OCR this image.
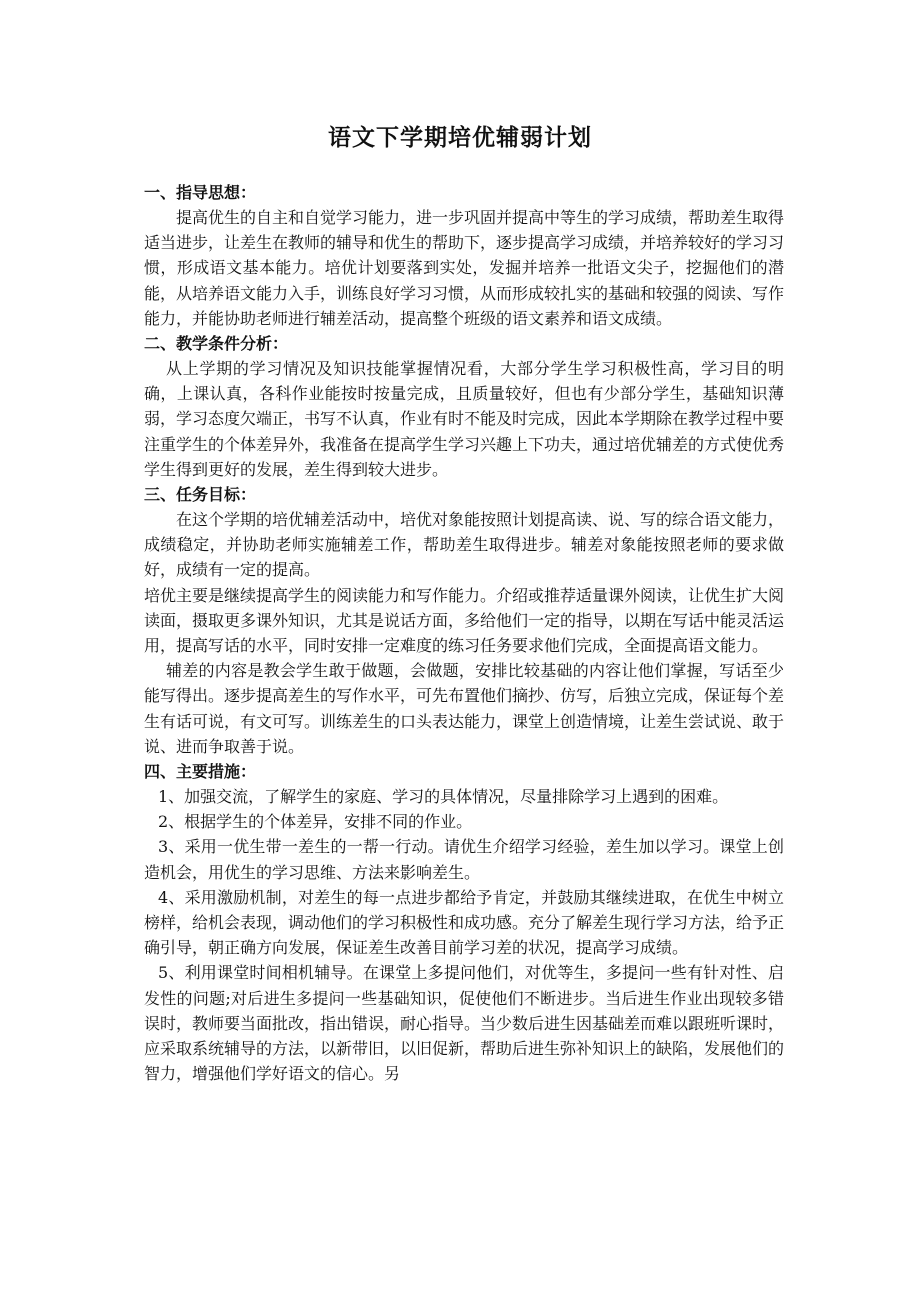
语文下学期培优辅弱计划
一、指导思想：

提高优生的自主和自觉学习能力，进一步巩固并提高中等生的学习成绩，帮助差生取得适当进步，让差生在教师的辅导和优生的帮助下，逐步提高学习成绩，并培养较好的学习习惯，形成语文基本能力。培优计划要落到实处，发掘并培养一批语文尖子，挖掘他们的潜能，从培养语文能力入手，训练良好学习习惯，从而形成较扎实的基础和较强的阅读、写作能力，并能协助老师进行辅差活动，提高整个班级的语文素养和语文成绩。

二、教学条件分析：

从上学期的学习情况及知识技能掌握情况看，大部分学生学习积极性高，学习目的明确，上课认真，各科作业能按时按量完成，且质量较好，但也有少部分学生，基础知识薄弱，学习态度欠端正，书写不认真，作业有时不能及时完成，因此本学期除在教学过程中要注重学生的个体差异外，我准备在提高学生学习兴趣上下功夫，通过培优辅差的方式使优秀学生得到更好的发展，差生得到较大进步。

三、任务目标：

在这个学期的培优辅差活动中，培优对象能按照计划提高读、说、写的综合语文能力，成绩稳定，并协助老师实施辅差工作，帮助差生取得进步。辅差对象能按照老师的要求做好，成绩有一定的提高。

培优主要是继续提高学生的阅读能力和写作能力。介绍或推荐适量课外阅读，让优生扩大阅读面，摄取更多课外知识，尤其是说话方面，多给他们一定的指导，以期在写话中能灵活运用，提高写话的水平，同时安排一定难度的练习任务要求他们完成，全面提高语文能力。

辅差的内容是教会学生敢于做题，会做题，安排比较基础的内容让他们掌握，写话至少能写得出。逐步提高差生的写作水平，可先布置他们摘抄、仿写，后独立完成，保证每个差生有话可说，有文可写。训练差生的口头表达能力，课堂上创造情境，让差生尝试说、敢于说、进而争取善于说。

四、主要措施：

1、加强交流，了解学生的家庭、学习的具体情况，尽量排除学习上遇到的困难。

2、根据学生的个体差异，安排不同的作业。

3、采用一优生带一差生的一帮一行动。请优生介绍学习经验，差生加以学习。课堂上创造机会，用优生的学习思维、方法来影响差生。

4、采用激励机制，对差生的每一点进步都给予肯定，并鼓励其继续进取，在优生中树立榜样，给机会表现，调动他们的学习积极性和成功感。充分了解差生现行学习方法，给予正确引导，朝正确方向发展，保证差生改善目前学习差的状况，提高学习成绩。

5、利用课堂时间相机辅导。在课堂上多提问他们，对优等生，多提问一些有针对性、启发性的问题;对后进生多提问一些基础知识，促使他们不断进步。当后进生作业出现较多错误时，教师要当面批改，指出错误，耐心指导。当少数后进生因基础差而难以跟班听课时，应采取系统辅导的方法，以新带旧，以旧促新，帮助后进生弥补知识上的缺陷，发展他们的智力，增强他们学好语文的信心。另
